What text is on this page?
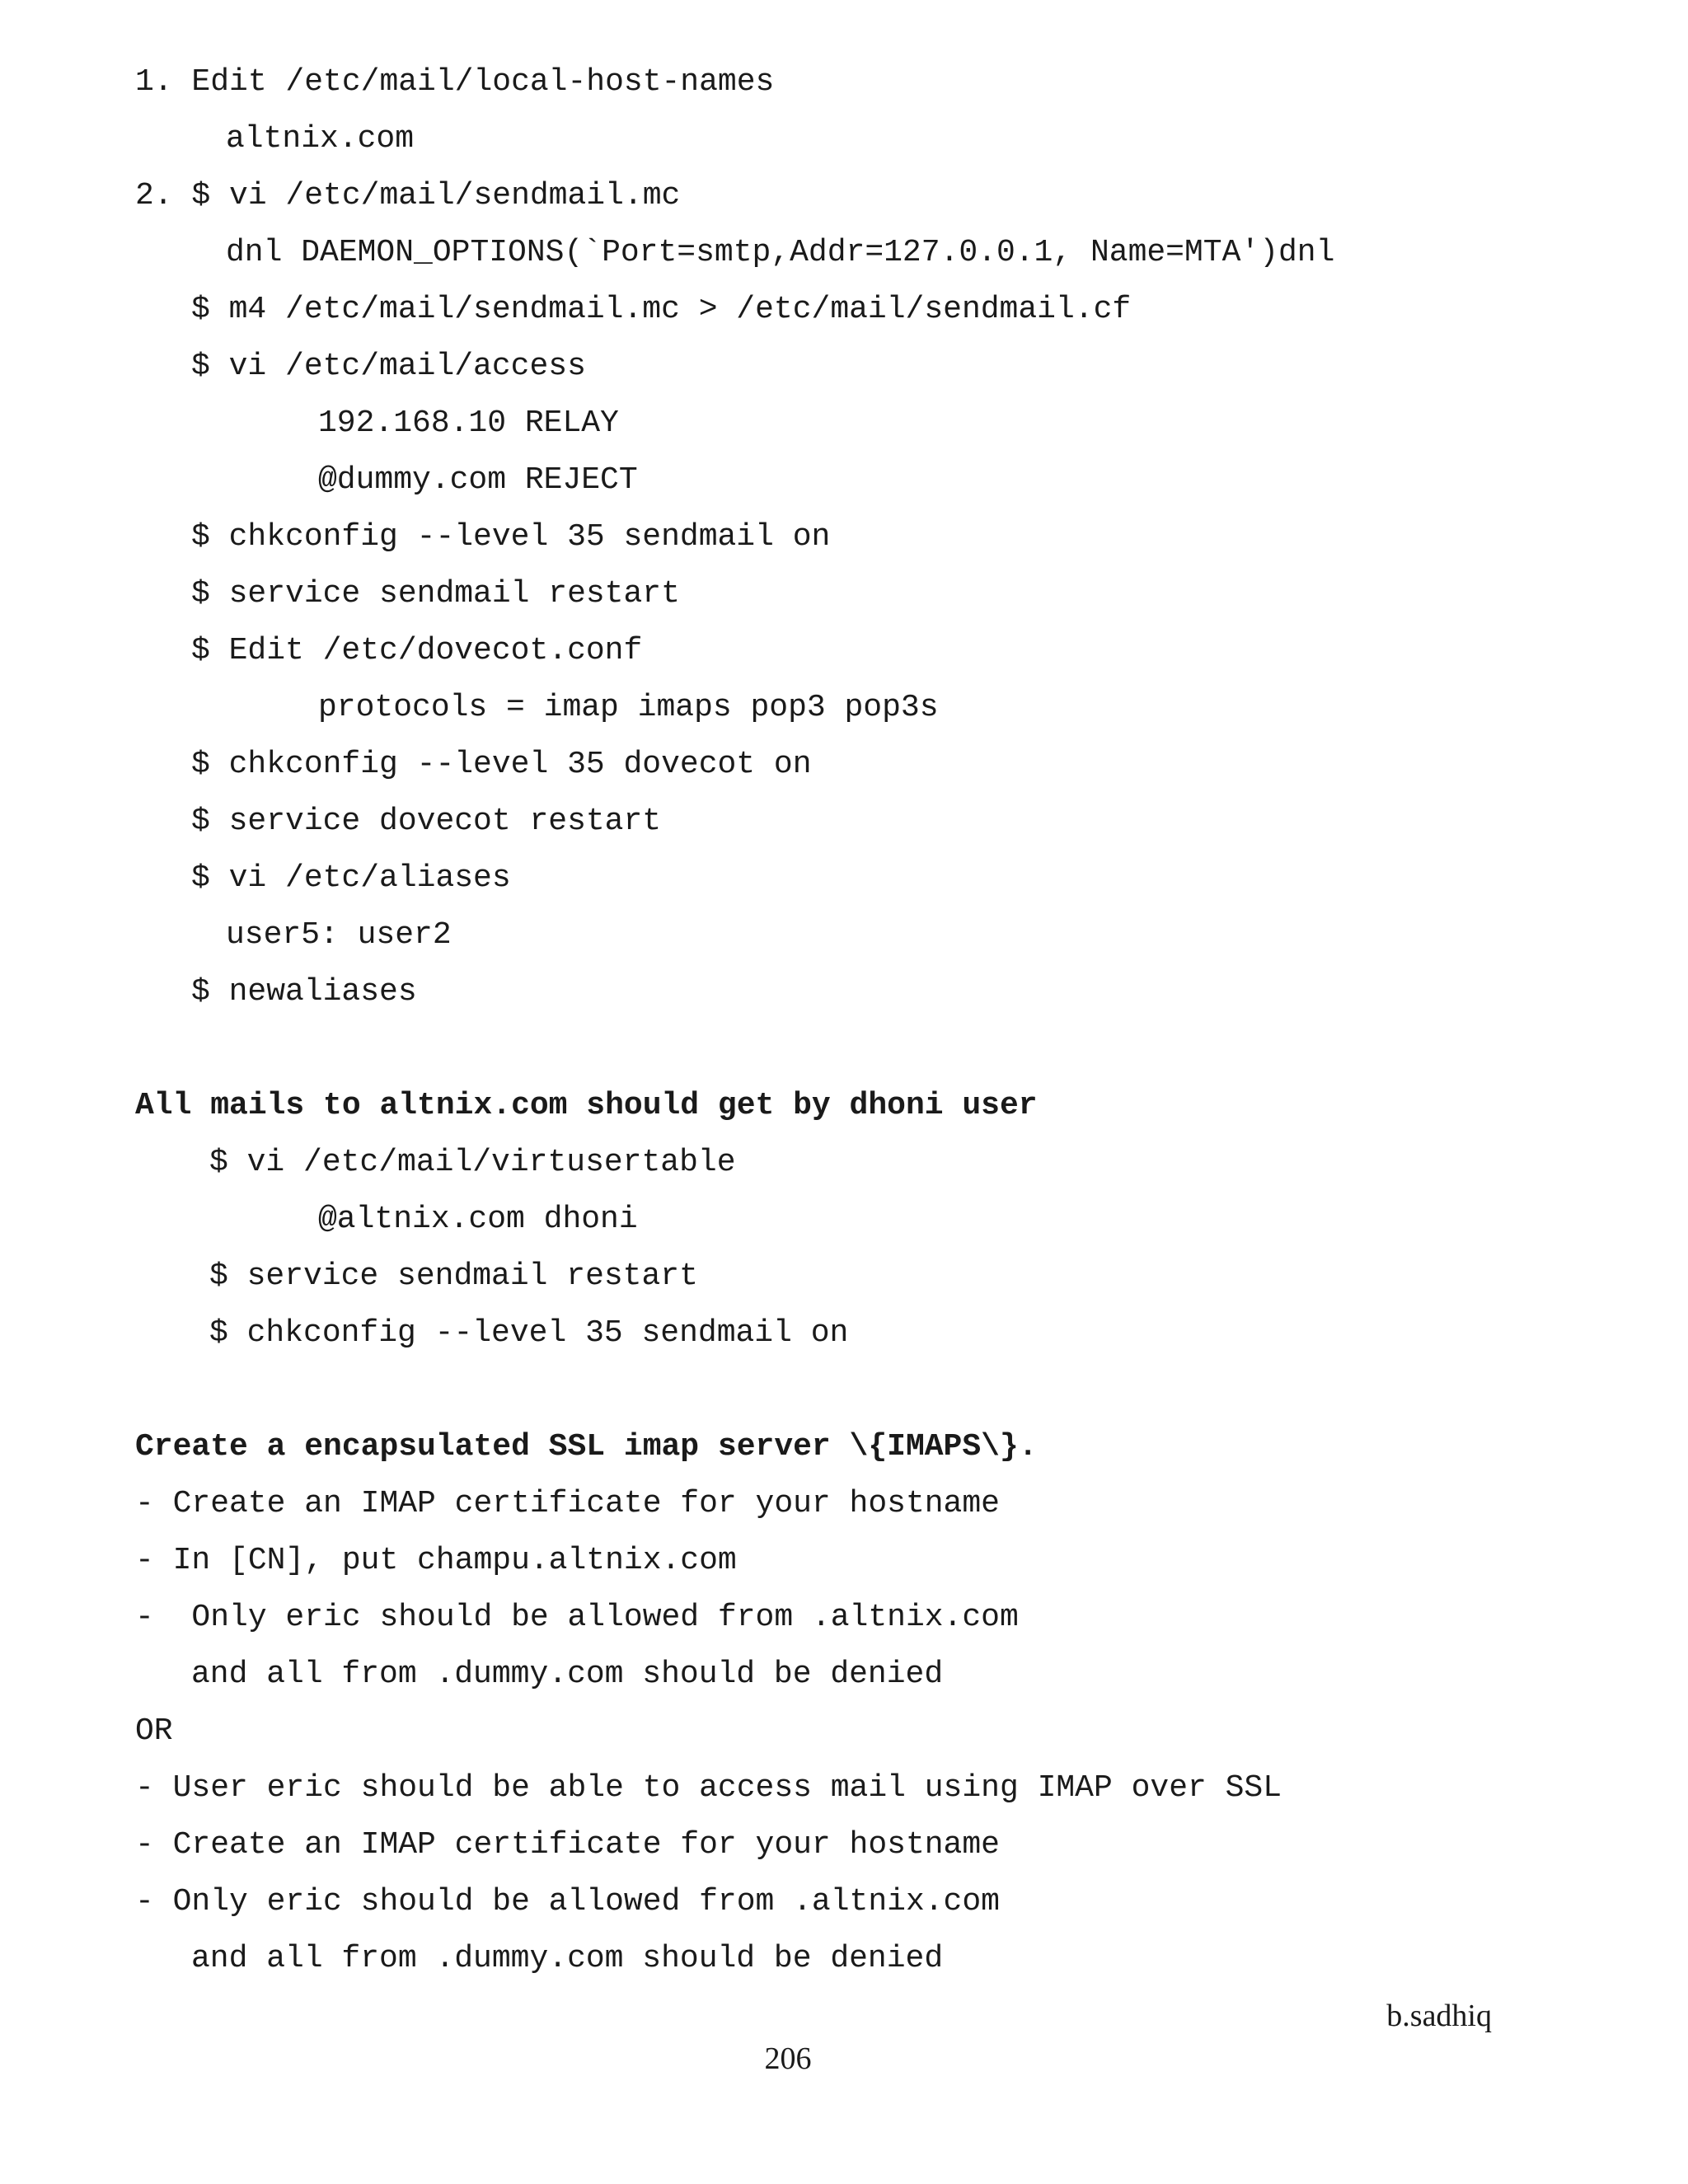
1. Edit /etc/mail/local-host-names
altnix.com
2. $ vi /etc/mail/sendmail.mc
dnl DAEMON_OPTIONS(`Port=smtp,Addr=127.0.0.1, Name=MTA')dnl
$ m4 /etc/mail/sendmail.mc > /etc/mail/sendmail.cf
$ vi /etc/mail/access
192.168.10 RELAY
@dummy.com REJECT
$ chkconfig --level 35 sendmail on
$ service sendmail restart
$ Edit /etc/dovecot.conf
protocols = imap imaps pop3 pop3s
$ chkconfig --level 35 dovecot on
$ service dovecot restart
$ vi /etc/aliases
user5: user2
$ newaliases
All mails to altnix.com should get by dhoni user
$ vi /etc/mail/virtusertable
@altnix.com dhoni
$ service sendmail restart
$ chkconfig --level 35 sendmail on
Create a encapsulated SSL imap server \{IMAPS\}.
- Create an IMAP certificate for your hostname
- In [CN], put champu.altnix.com
-  Only eric should be allowed from .altnix.com
and all from .dummy.com should be denied
OR
- User eric should be able to access mail using IMAP over SSL
- Create an IMAP certificate for your hostname
- Only eric should be allowed from .altnix.com
and all from .dummy.com should be denied
b.sadhiq
206
